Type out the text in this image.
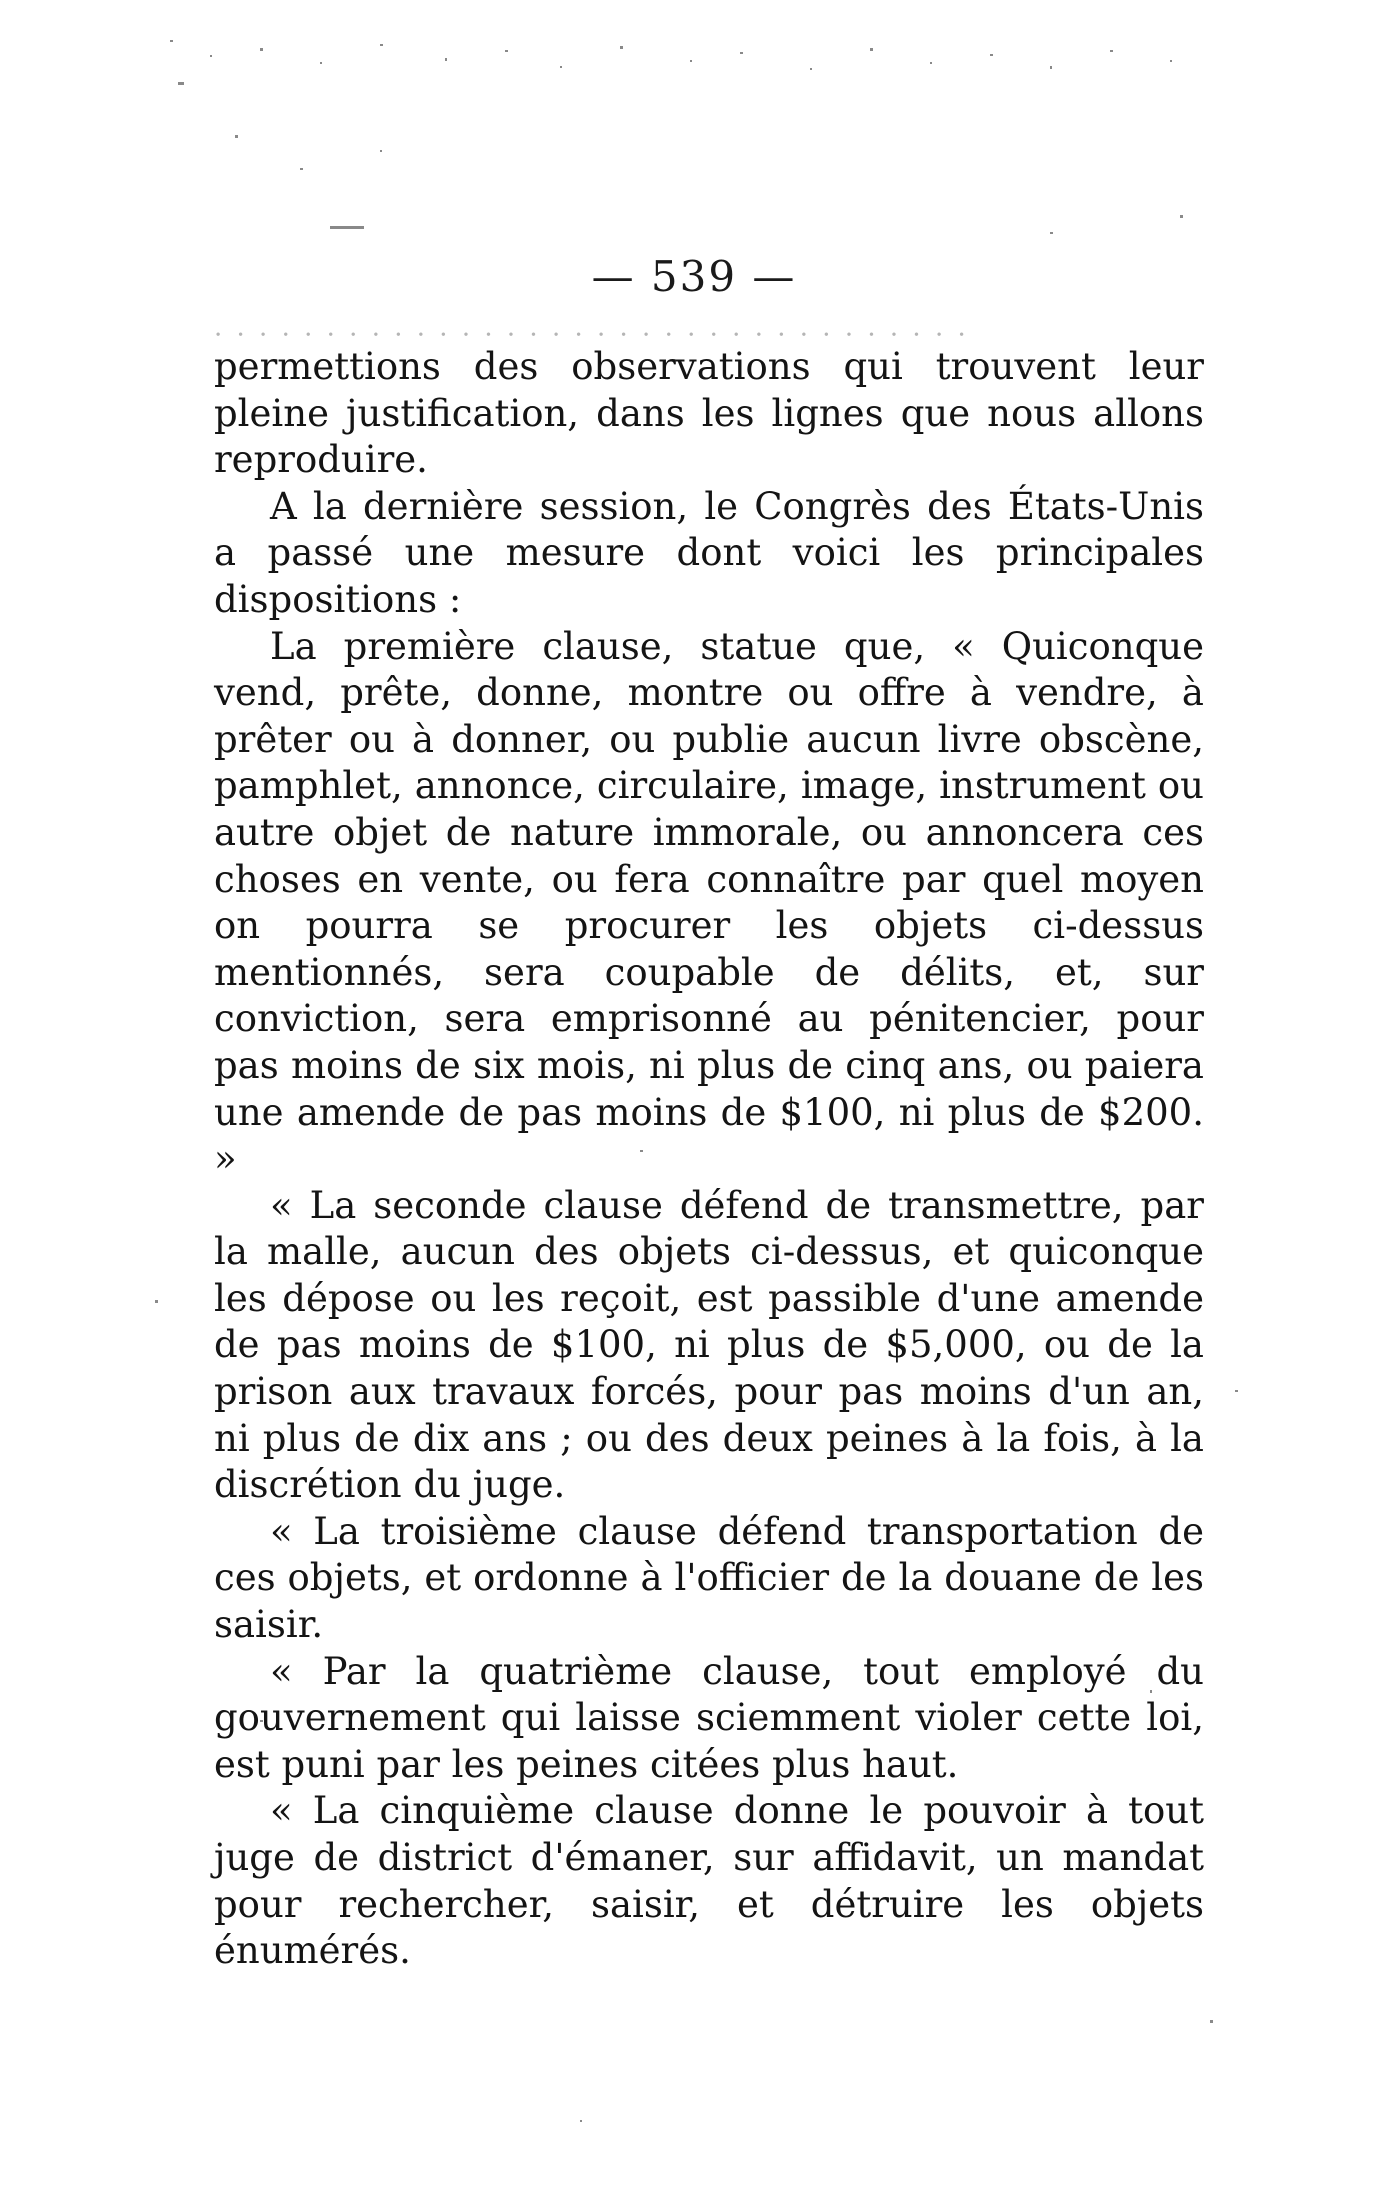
· · · · · · · · · · · · · · · · · · · · · · · · · · · · · · · · · ·
— 539 —

permettions des observations qui trouvent leur pleine justification, dans les lignes que nous allons reproduire.

A la dernière session, le Congrès des États-Unis a passé une mesure dont voici les principales dispositions :

La première clause, statue que, « Quiconque vend, prête, donne, montre ou offre à vendre, à prêter ou à donner, ou publie aucun livre obscène, pamphlet, annonce, circulaire, image, instrument ou autre objet de nature immorale, ou annoncera ces choses en vente, ou fera connaître par quel moyen on pourra se procurer les objets ci-dessus mentionnés, sera coupable de délits, et, sur conviction, sera emprisonné au pénitencier, pour pas moins de six mois, ni plus de cinq ans, ou paiera une amende de pas moins de $100, ni plus de $200. »

« La seconde clause défend de transmettre, par la malle, aucun des objets ci-dessus, et quiconque les dépose ou les reçoit, est passible d'une amende de pas moins de $100, ni plus de $5,000, ou de la prison aux travaux forcés, pour pas moins d'un an, ni plus de dix ans ; ou des deux peines à la fois, à la discrétion du juge.

« La troisième clause défend transportation de ces objets, et ordonne à l'officier de la douane de les saisir.

« Par la quatrième clause, tout employé du gouvernement qui laisse sciemment violer cette loi, est puni par les peines citées plus haut.

« La cinquième clause donne le pouvoir à tout juge de district d'émaner, sur affidavit, un mandat pour rechercher, saisir, et détruire les objets énumérés.
